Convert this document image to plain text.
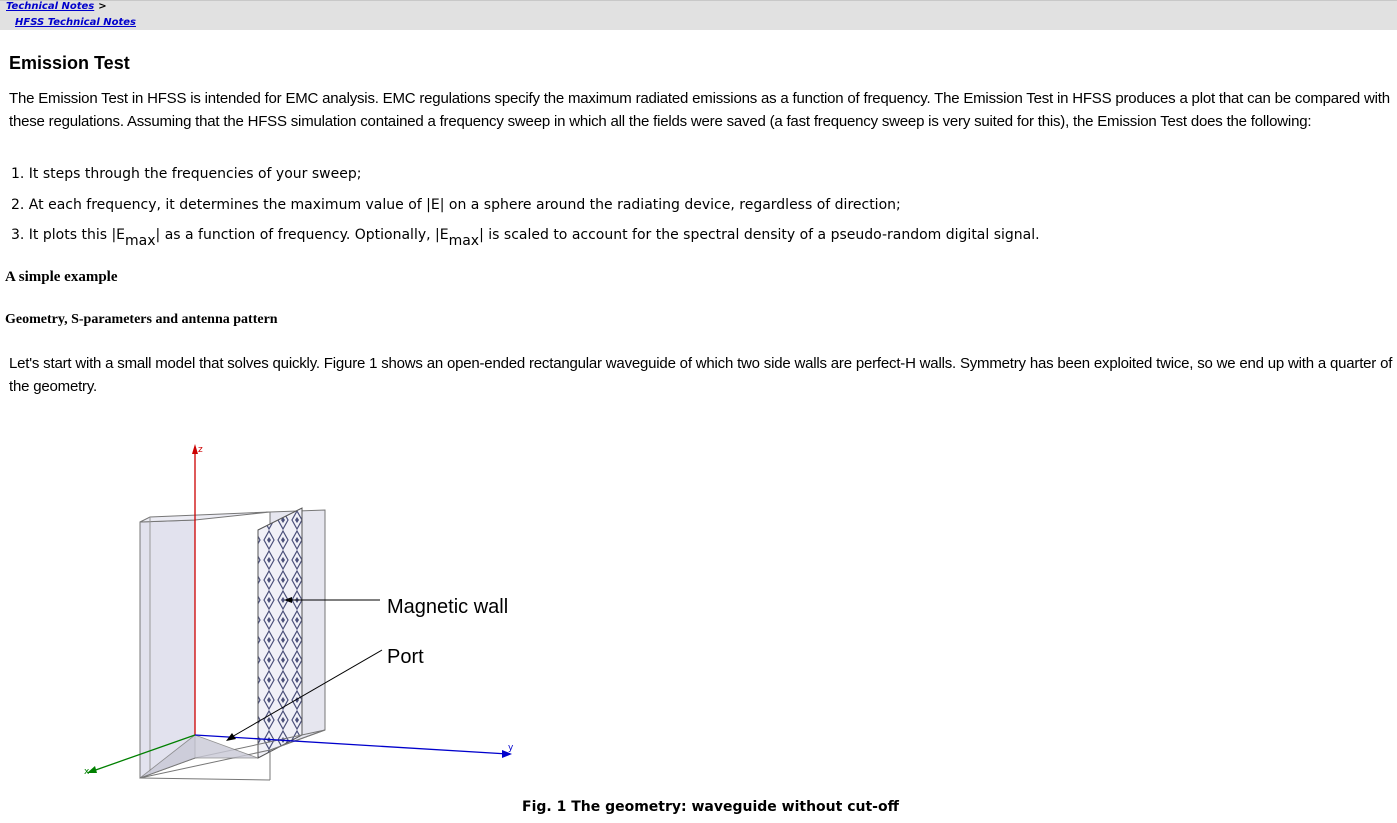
Technical Notes >
HFSS Technical Notes
Emission Test

The Emission Test in HFSS is intended for EMC analysis. EMC regulations specify the maximum radiated emissions as a function of frequency. The Emission Test in HFSS produces a plot that can be compared with these regulations. Assuming that the HFSS simulation contained a frequency sweep in which all the fields were saved (a fast frequency sweep is very suited for this), the Emission Test does the following:

1. It steps through the frequencies of your sweep;

2. At each frequency, it determines the maximum value of |E| on a sphere around the radiating device, regardless of direction;

3. It plots this |Emax| as a function of frequency. Optionally, |Emax| is scaled to account for the spectral density of a pseudo-random digital signal.

A simple example

Geometry, S-parameters and antenna pattern

Let's start with a small model that solves quickly. Figure 1 shows an open-ended rectangular waveguide of which two side walls are perfect-H walls. Symmetry has been exploited twice, so we end up with a quarter of the geometry.

z
y
x
Magnetic wall
Port

Fig. 1 The geometry: waveguide without cut-off
